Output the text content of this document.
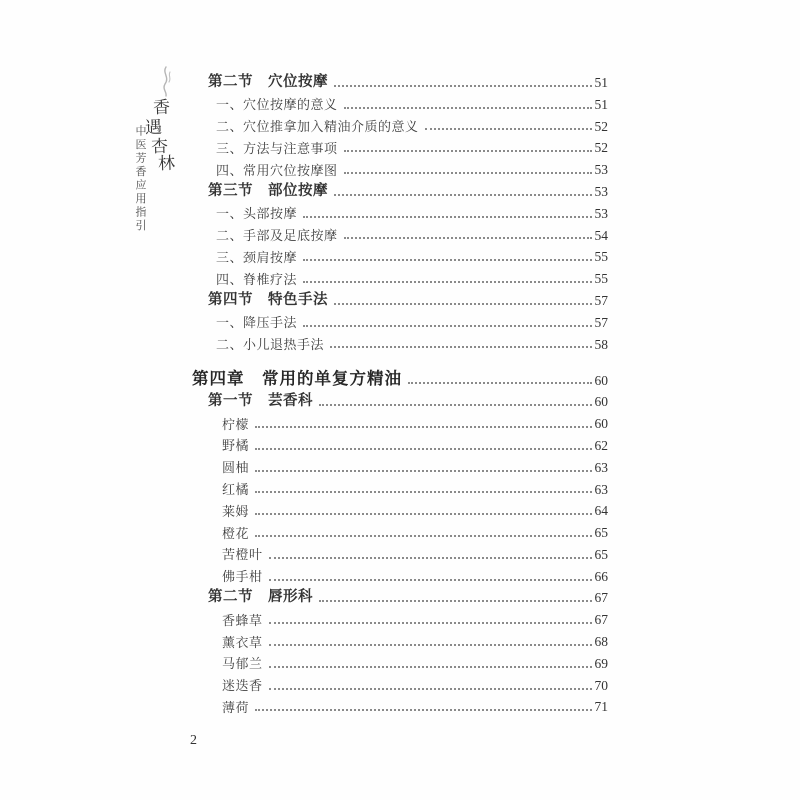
香
遇
杏
林
中医芳香应用指引
第二节　穴位按摩	51
一、穴位按摩的意义	51
二、穴位推拿加入精油介质的意义	52
三、方法与注意事项	52
四、常用穴位按摩图	53
第三节　部位按摩	53
一、头部按摩	53
二、手部及足底按摩	54
三、颈肩按摩	55
四、脊椎疗法	55
第四节　特色手法	57
一、降压手法	57
二、小儿退热手法	58
第四章　常用的单复方精油	60
第一节　芸香科	60
柠檬	60
野橘	62
圆柚	63
红橘	63
莱姆	64
橙花	65
苦橙叶	65
佛手柑	66
第二节　唇形科	67
香蜂草	67
薰衣草	68
马郁兰	69
迷迭香	70
薄荷	71
2
